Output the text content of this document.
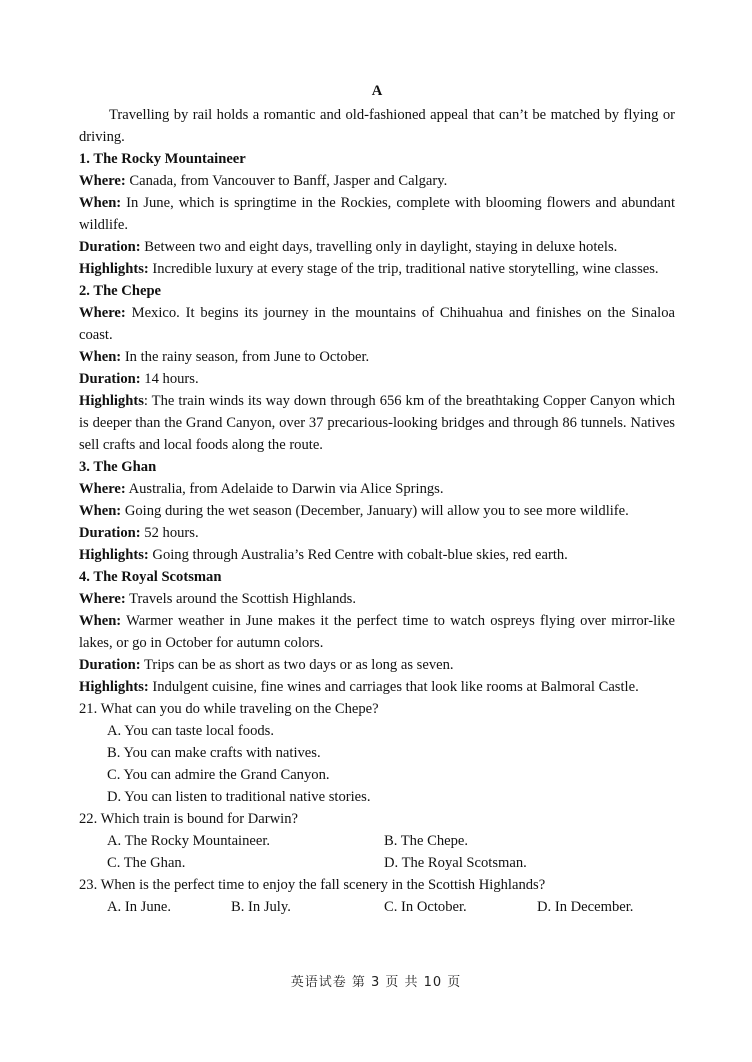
A
Travelling by rail holds a romantic and old-fashioned appeal that can’t be matched by flying or driving.
1. The Rocky Mountaineer
Where: Canada, from Vancouver to Banff, Jasper and Calgary.
When: In June, which is springtime in the Rockies, complete with blooming flowers and abundant wildlife.
Duration: Between two and eight days, travelling only in daylight, staying in deluxe hotels.
Highlights: Incredible luxury at every stage of the trip, traditional native storytelling, wine classes.
2. The Chepe
Where: Mexico. It begins its journey in the mountains of Chihuahua and finishes on the Sinaloa coast.
When: In the rainy season, from June to October.
Duration: 14 hours.
Highlights: The train winds its way down through 656 km of the breathtaking Copper Canyon which is deeper than the Grand Canyon, over 37 precarious-looking bridges and through 86 tunnels. Natives sell crafts and local foods along the route.
3. The Ghan
Where: Australia, from Adelaide to Darwin via Alice Springs.
When: Going during the wet season (December, January) will allow you to see more wildlife.
Duration: 52 hours.
Highlights: Going through Australia’s Red Centre with cobalt-blue skies, red earth.
4. The Royal Scotsman
Where: Travels around the Scottish Highlands.
When: Warmer weather in June makes it the perfect time to watch ospreys flying over mirror-like lakes, or go in October for autumn colors.
Duration: Trips can be as short as two days or as long as seven.
Highlights: Indulgent cuisine, fine wines and carriages that look like rooms at Balmoral Castle.
21. What can you do while traveling on the Chepe?
A. You can taste local foods.
B. You can make crafts with natives.
C. You can admire the Grand Canyon.
D. You can listen to traditional native stories.
22. Which train is bound for Darwin?
A. The Rocky Mountaineer.	B. The Chepe.
C. The Ghan.	D. The Royal Scotsman.
23. When is the perfect time to enjoy the fall scenery in the Scottish Highlands?
A. In June.	B. In July.	C. In October.	D. In December.
英语试卷 第 3 页 共 10 页
